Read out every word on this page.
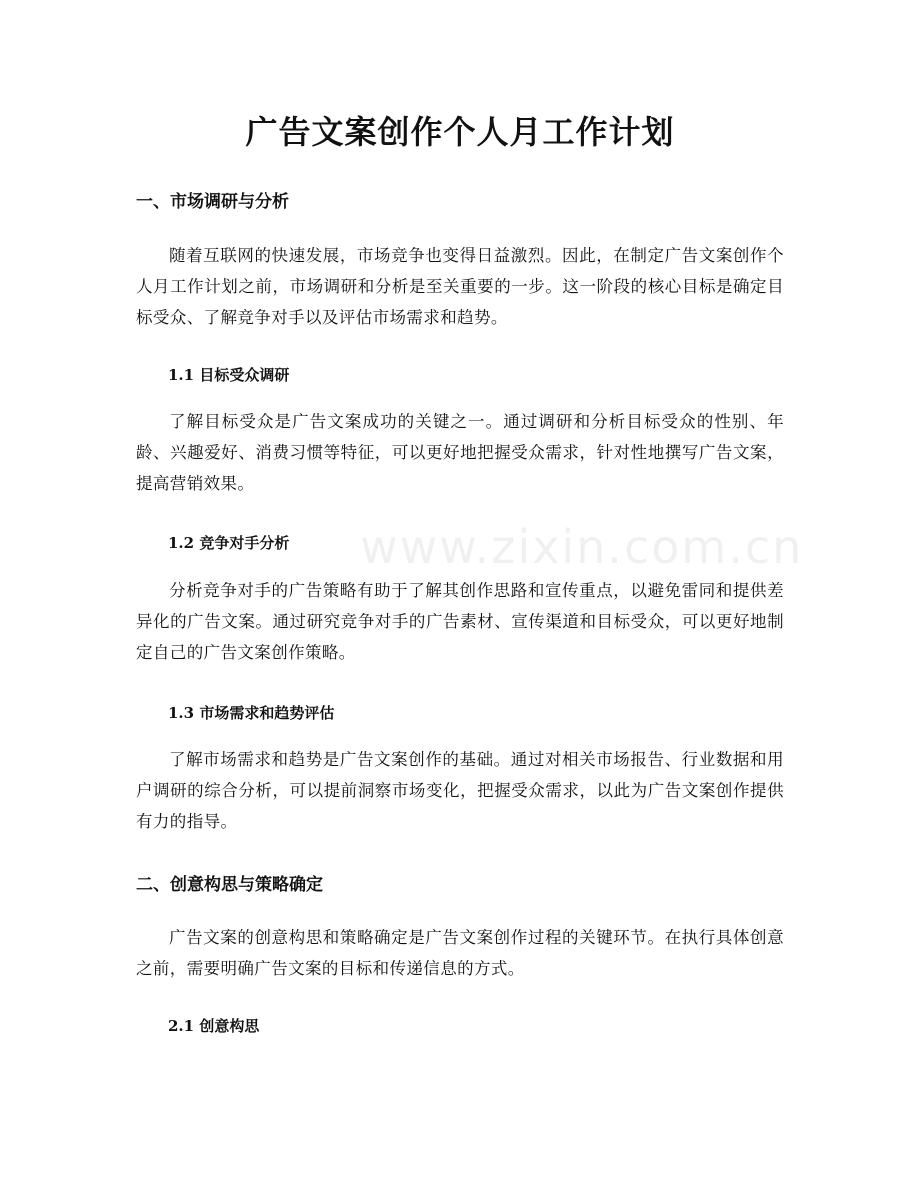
www.zixin.com.cn
广告文案创作个人月工作计划
一、市场调研与分析

随着互联网的快速发展，市场竞争也变得日益激烈。因此，在制定广告文案创作个人月工作计划之前，市场调研和分析是至关重要的一步。这一阶段的核心目标是确定目标受众、了解竞争对手以及评估市场需求和趋势。

1.1 目标受众调研

了解目标受众是广告文案成功的关键之一。通过调研和分析目标受众的性别、年龄、兴趣爱好、消费习惯等特征，可以更好地把握受众需求，针对性地撰写广告文案，提高营销效果。

1.2 竞争对手分析

分析竞争对手的广告策略有助于了解其创作思路和宣传重点，以避免雷同和提供差异化的广告文案。通过研究竞争对手的广告素材、宣传渠道和目标受众，可以更好地制定自己的广告文案创作策略。

1.3 市场需求和趋势评估

了解市场需求和趋势是广告文案创作的基础。通过对相关市场报告、行业数据和用户调研的综合分析，可以提前洞察市场变化，把握受众需求，以此为广告文案创作提供有力的指导。

二、创意构思与策略确定

广告文案的创意构思和策略确定是广告文案创作过程的关键环节。在执行具体创意之前，需要明确广告文案的目标和传递信息的方式。

2.1 创意构思
